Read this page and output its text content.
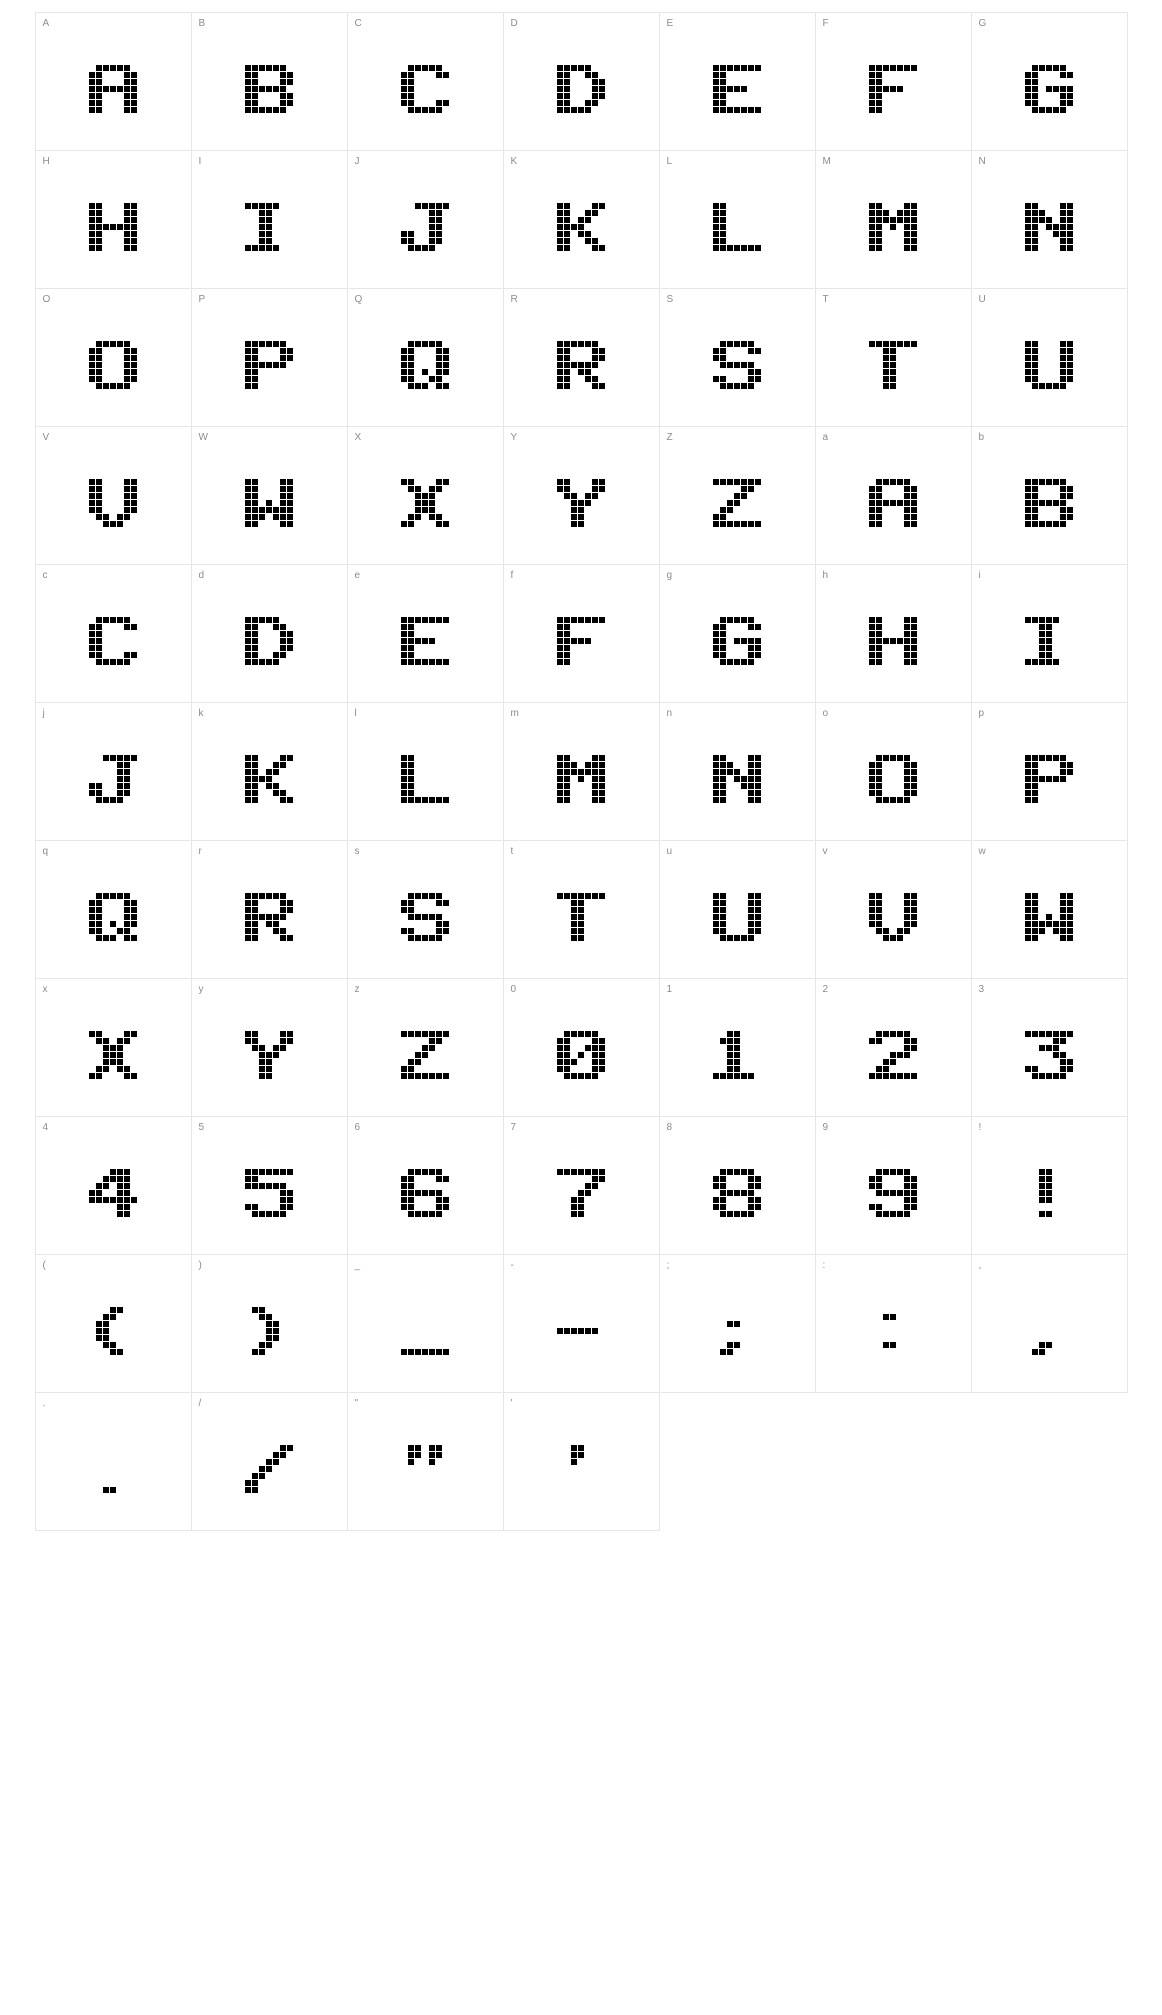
A	B	C	D	E	F	G
H	I	J	K	L	M	N
O	P	Q	R	S	T	U
V	W	X	Y	Z	a	b
c	d	e	f	g	h	i
j	k	l	m	n	o	p
q	r	s	t	u	v	w
x	y	z	0	1	2	3
4	5	6	7	8	9	!
(	)	_	-	;	:	,
.	/	"	'
